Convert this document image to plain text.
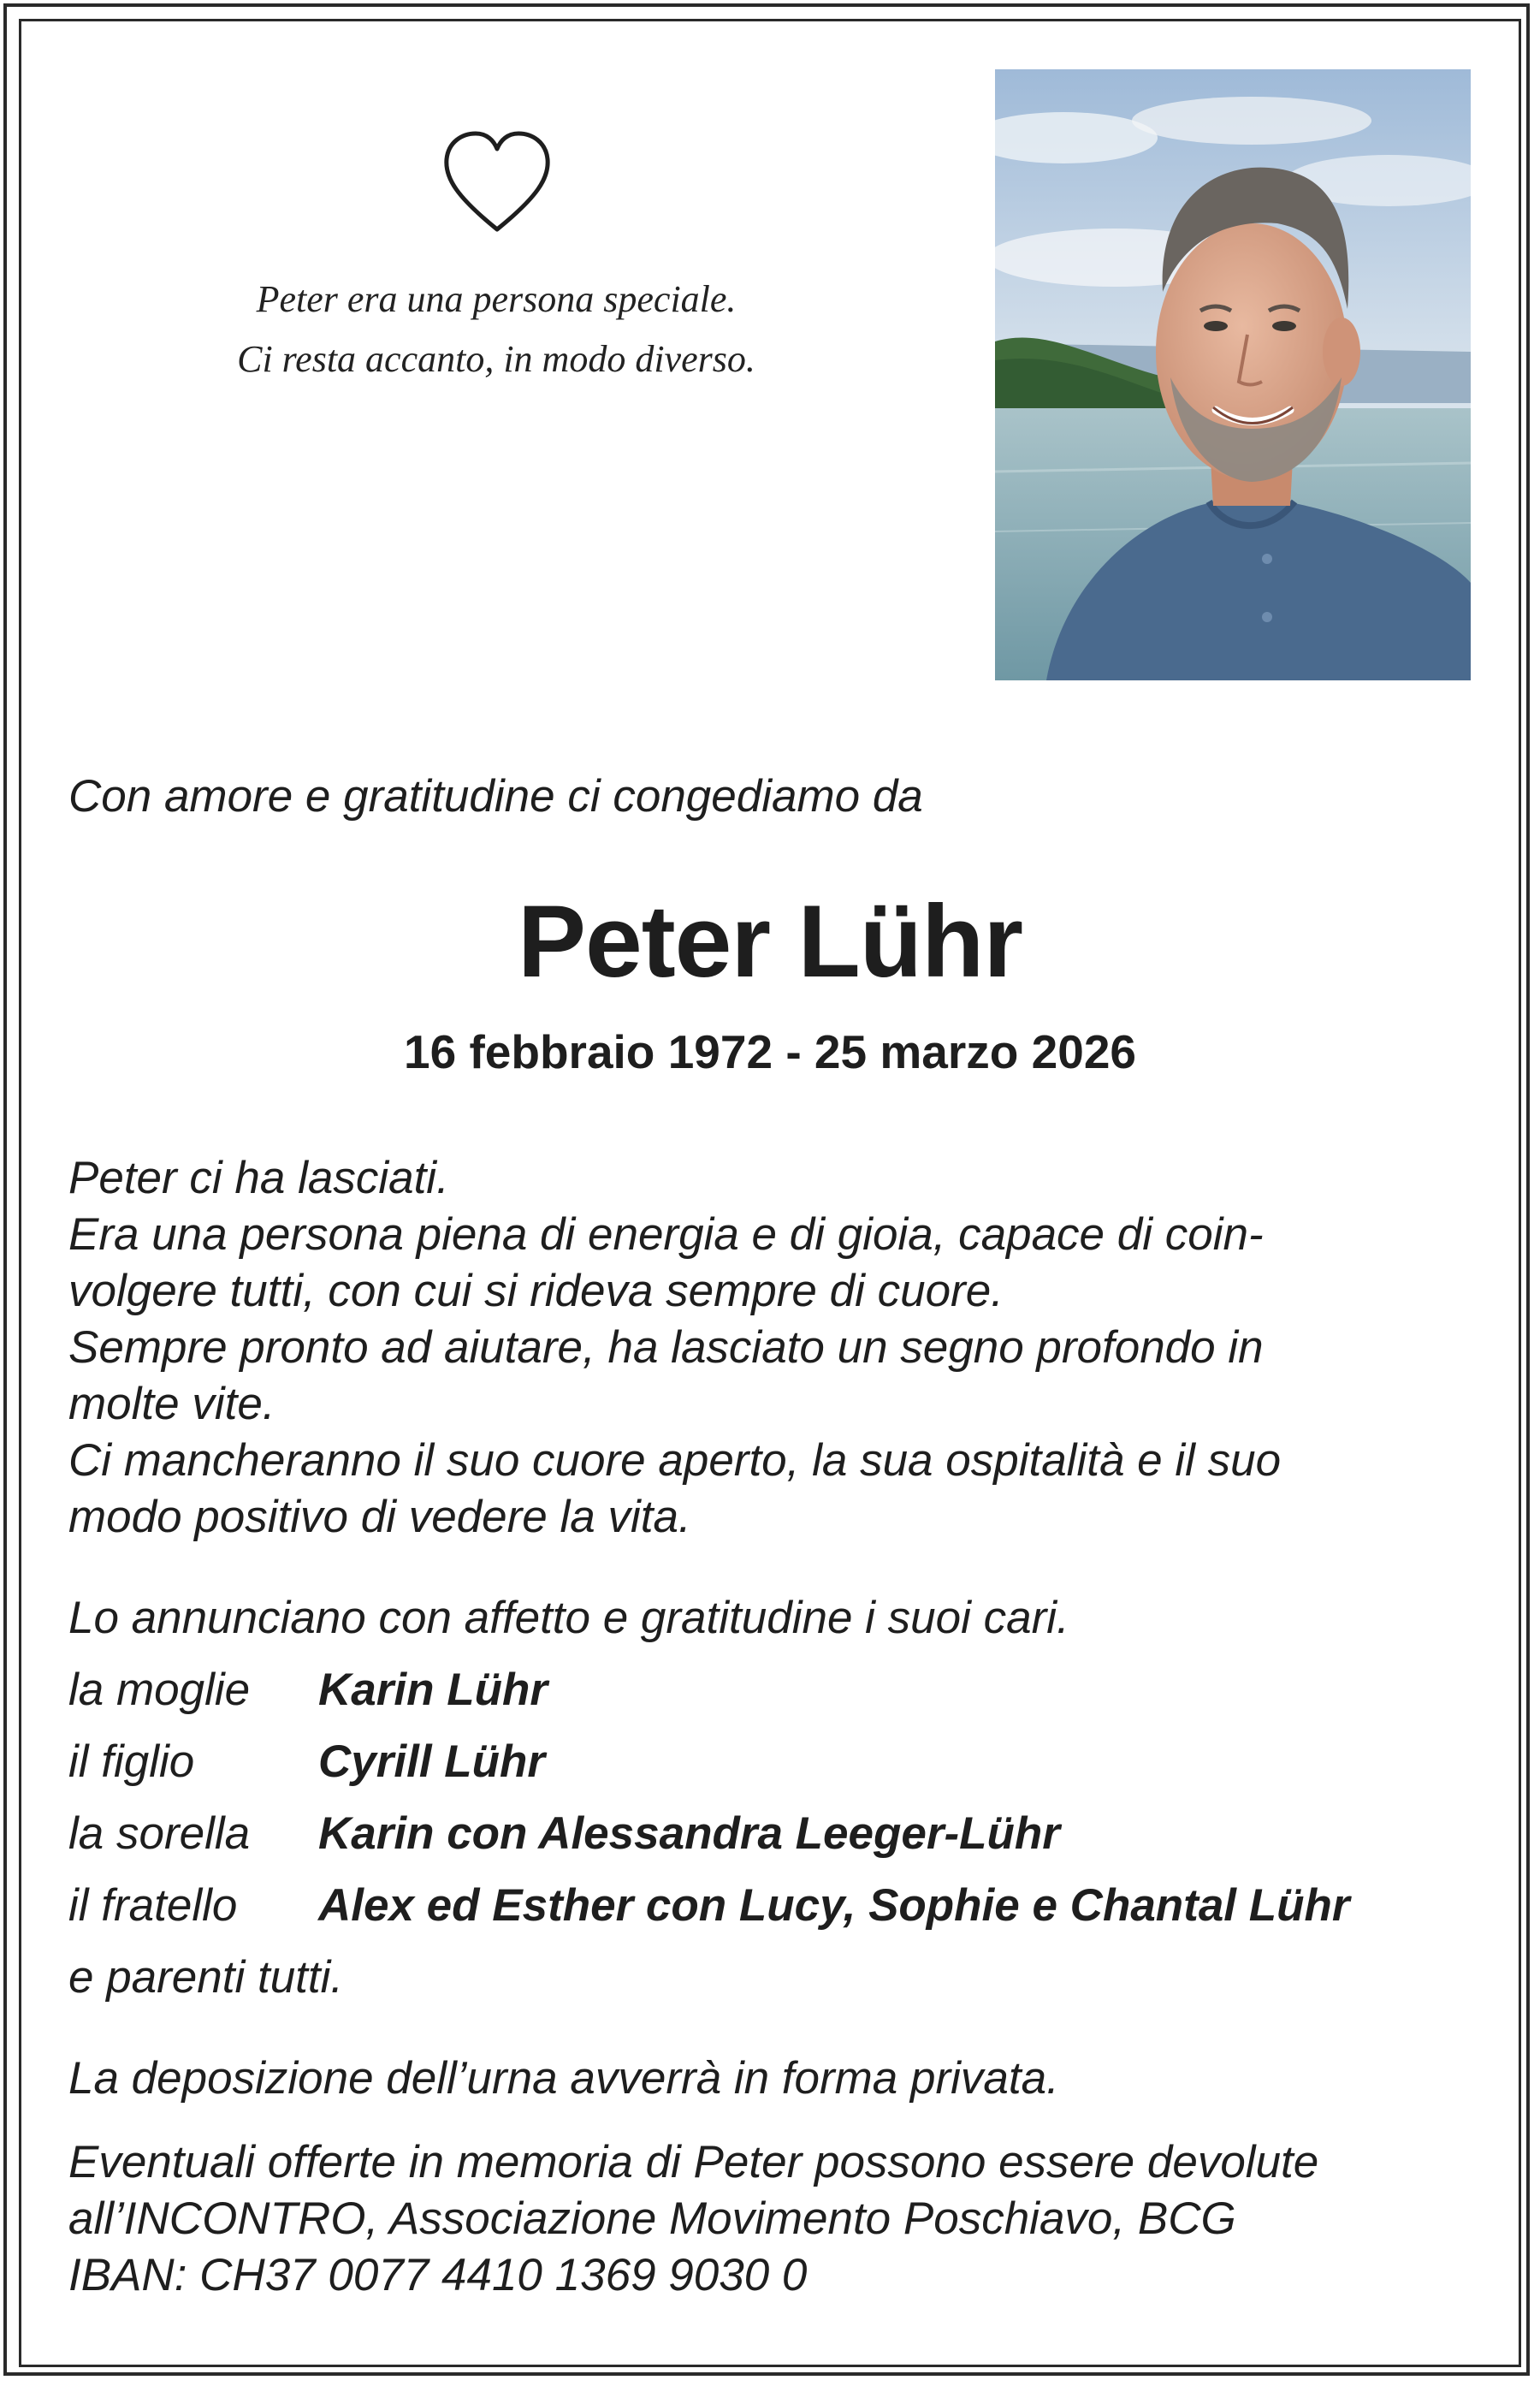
Peter era una persona speciale.
Ci resta accanto, in modo diverso.
Con amore e gratitudine ci congediamo da
Peter Lühr
16 febbraio 1972 - 25 marzo 2026
Peter ci ha lasciati.
Era una persona piena di energia e di gioia, capace di coin-
volgere tutti, con cui si rideva sempre di cuore.
Sempre pronto ad aiutare, ha lasciato un segno profondo in
molte vite.
Ci mancheranno il suo cuore aperto, la sua ospitalità e il suo
modo positivo di vedere la vita.
Lo annunciano con affetto e gratitudine i suoi cari.
la moglie Karin Lühr
il figlio	Cyrill Lühr
la sorella Karin con Alessandra Leeger-Lühr
il fratello Alex ed Esther con Lucy, Sophie e Chantal Lühr
e parenti tutti.
La deposizione dell’urna avverrà in forma privata.
Eventuali offerte in memoria di Peter possono essere devolute
all’INCONTRO, Associazione Movimento Poschiavo, BCG
IBAN: CH37 0077 4410 1369 9030 0
